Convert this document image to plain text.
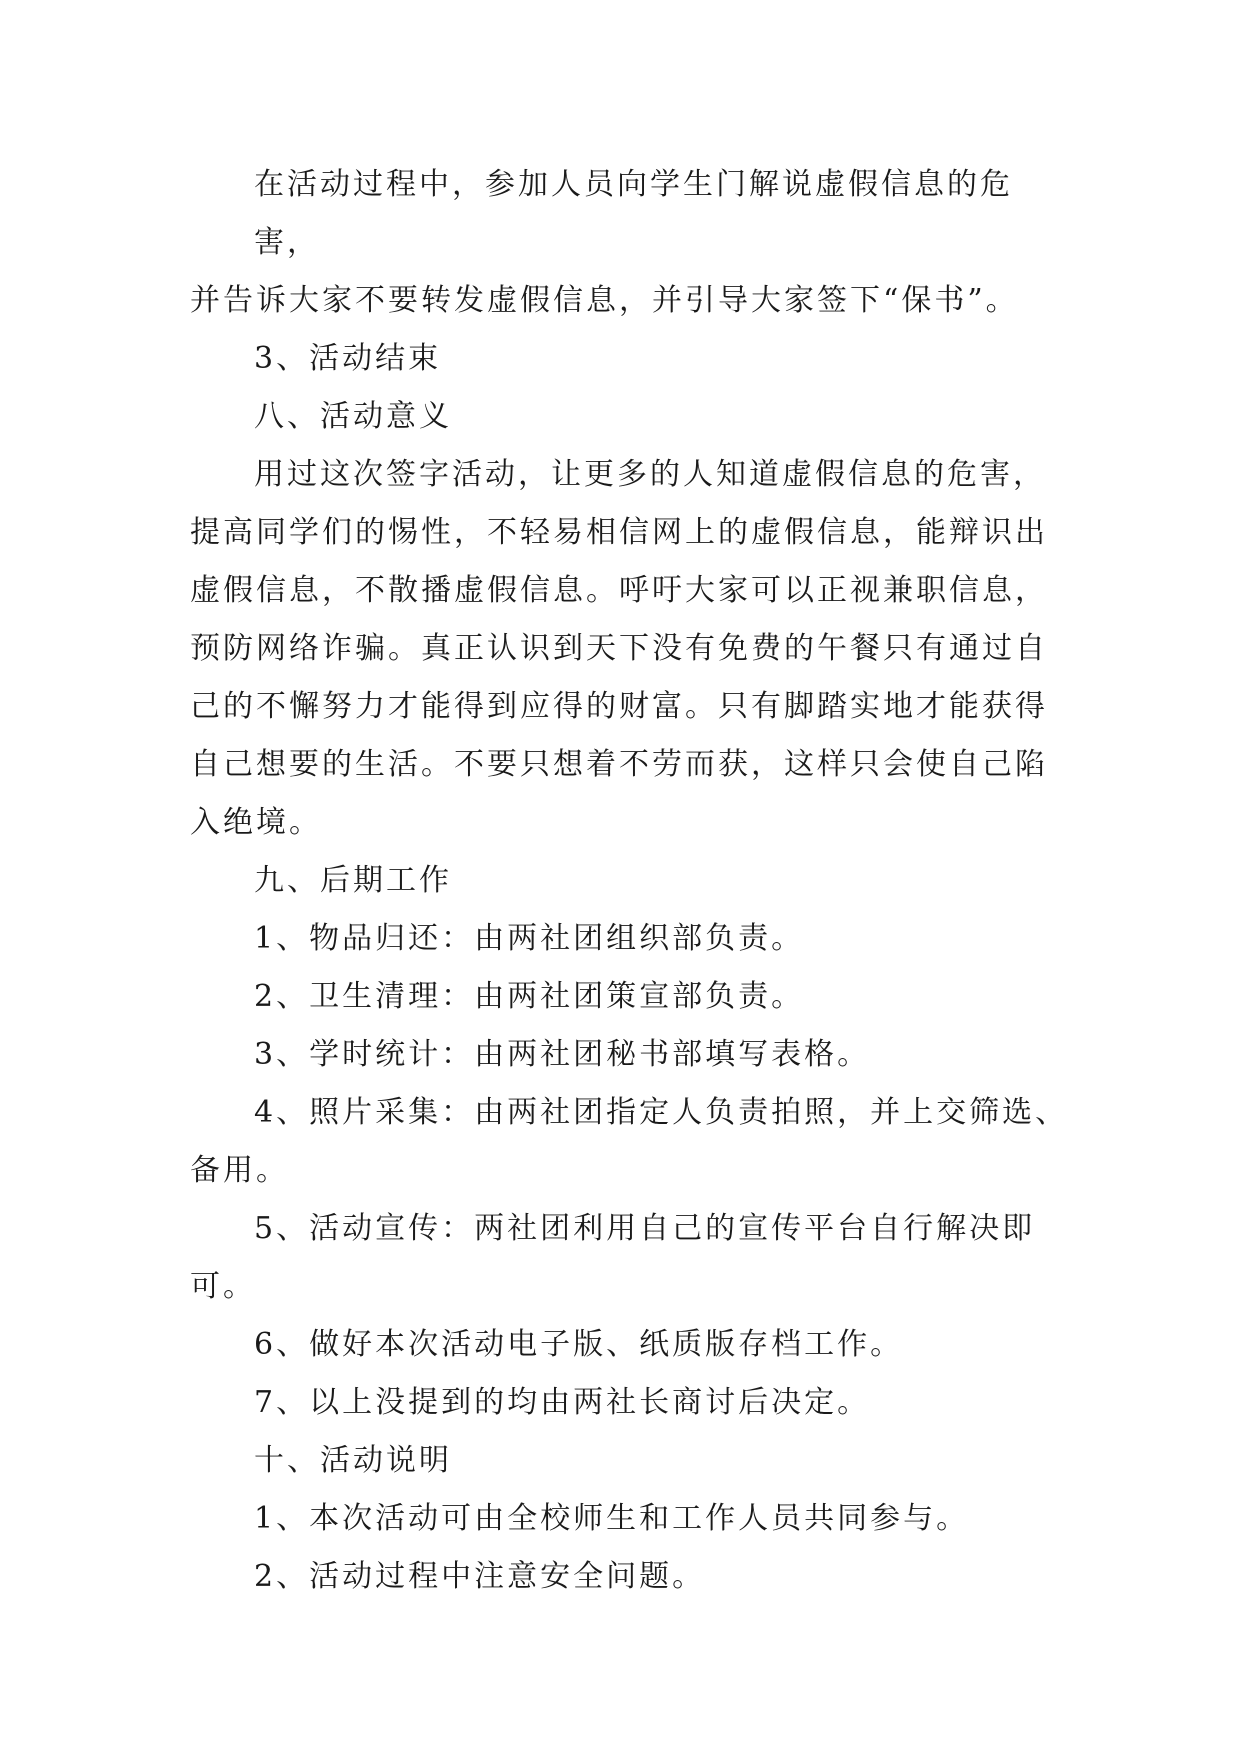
在活动过程中，参加人员向学生门解说虚假信息的危害，
并告诉大家不要转发虚假信息，并引导大家签下“保书”。

3、活动结束

八、活动意义

用过这次签字活动，让更多的人知道虚假信息的危害，
提高同学们的惕性，不轻易相信网上的虚假信息，能辩识出
虚假信息，不散播虚假信息。呼吁大家可以正视兼职信息，
预防网络诈骗。真正认识到天下没有免费的午餐只有通过自
己的不懈努力才能得到应得的财富。只有脚踏实地才能获得
自己想要的生活。不要只想着不劳而获，这样只会使自己陷
入绝境。

九、后期工作

1、物品归还：由两社团组织部负责。

2、卫生清理：由两社团策宣部负责。

3、学时统计：由两社团秘书部填写表格。

4、照片采集：由两社团指定人负责拍照，并上交筛选、
备用。

5、活动宣传：两社团利用自己的宣传平台自行解决即
可。

6、做好本次活动电子版、纸质版存档工作。

7、以上没提到的均由两社长商讨后决定。

十、活动说明

1、本次活动可由全校师生和工作人员共同参与。

2、活动过程中注意安全问题。
